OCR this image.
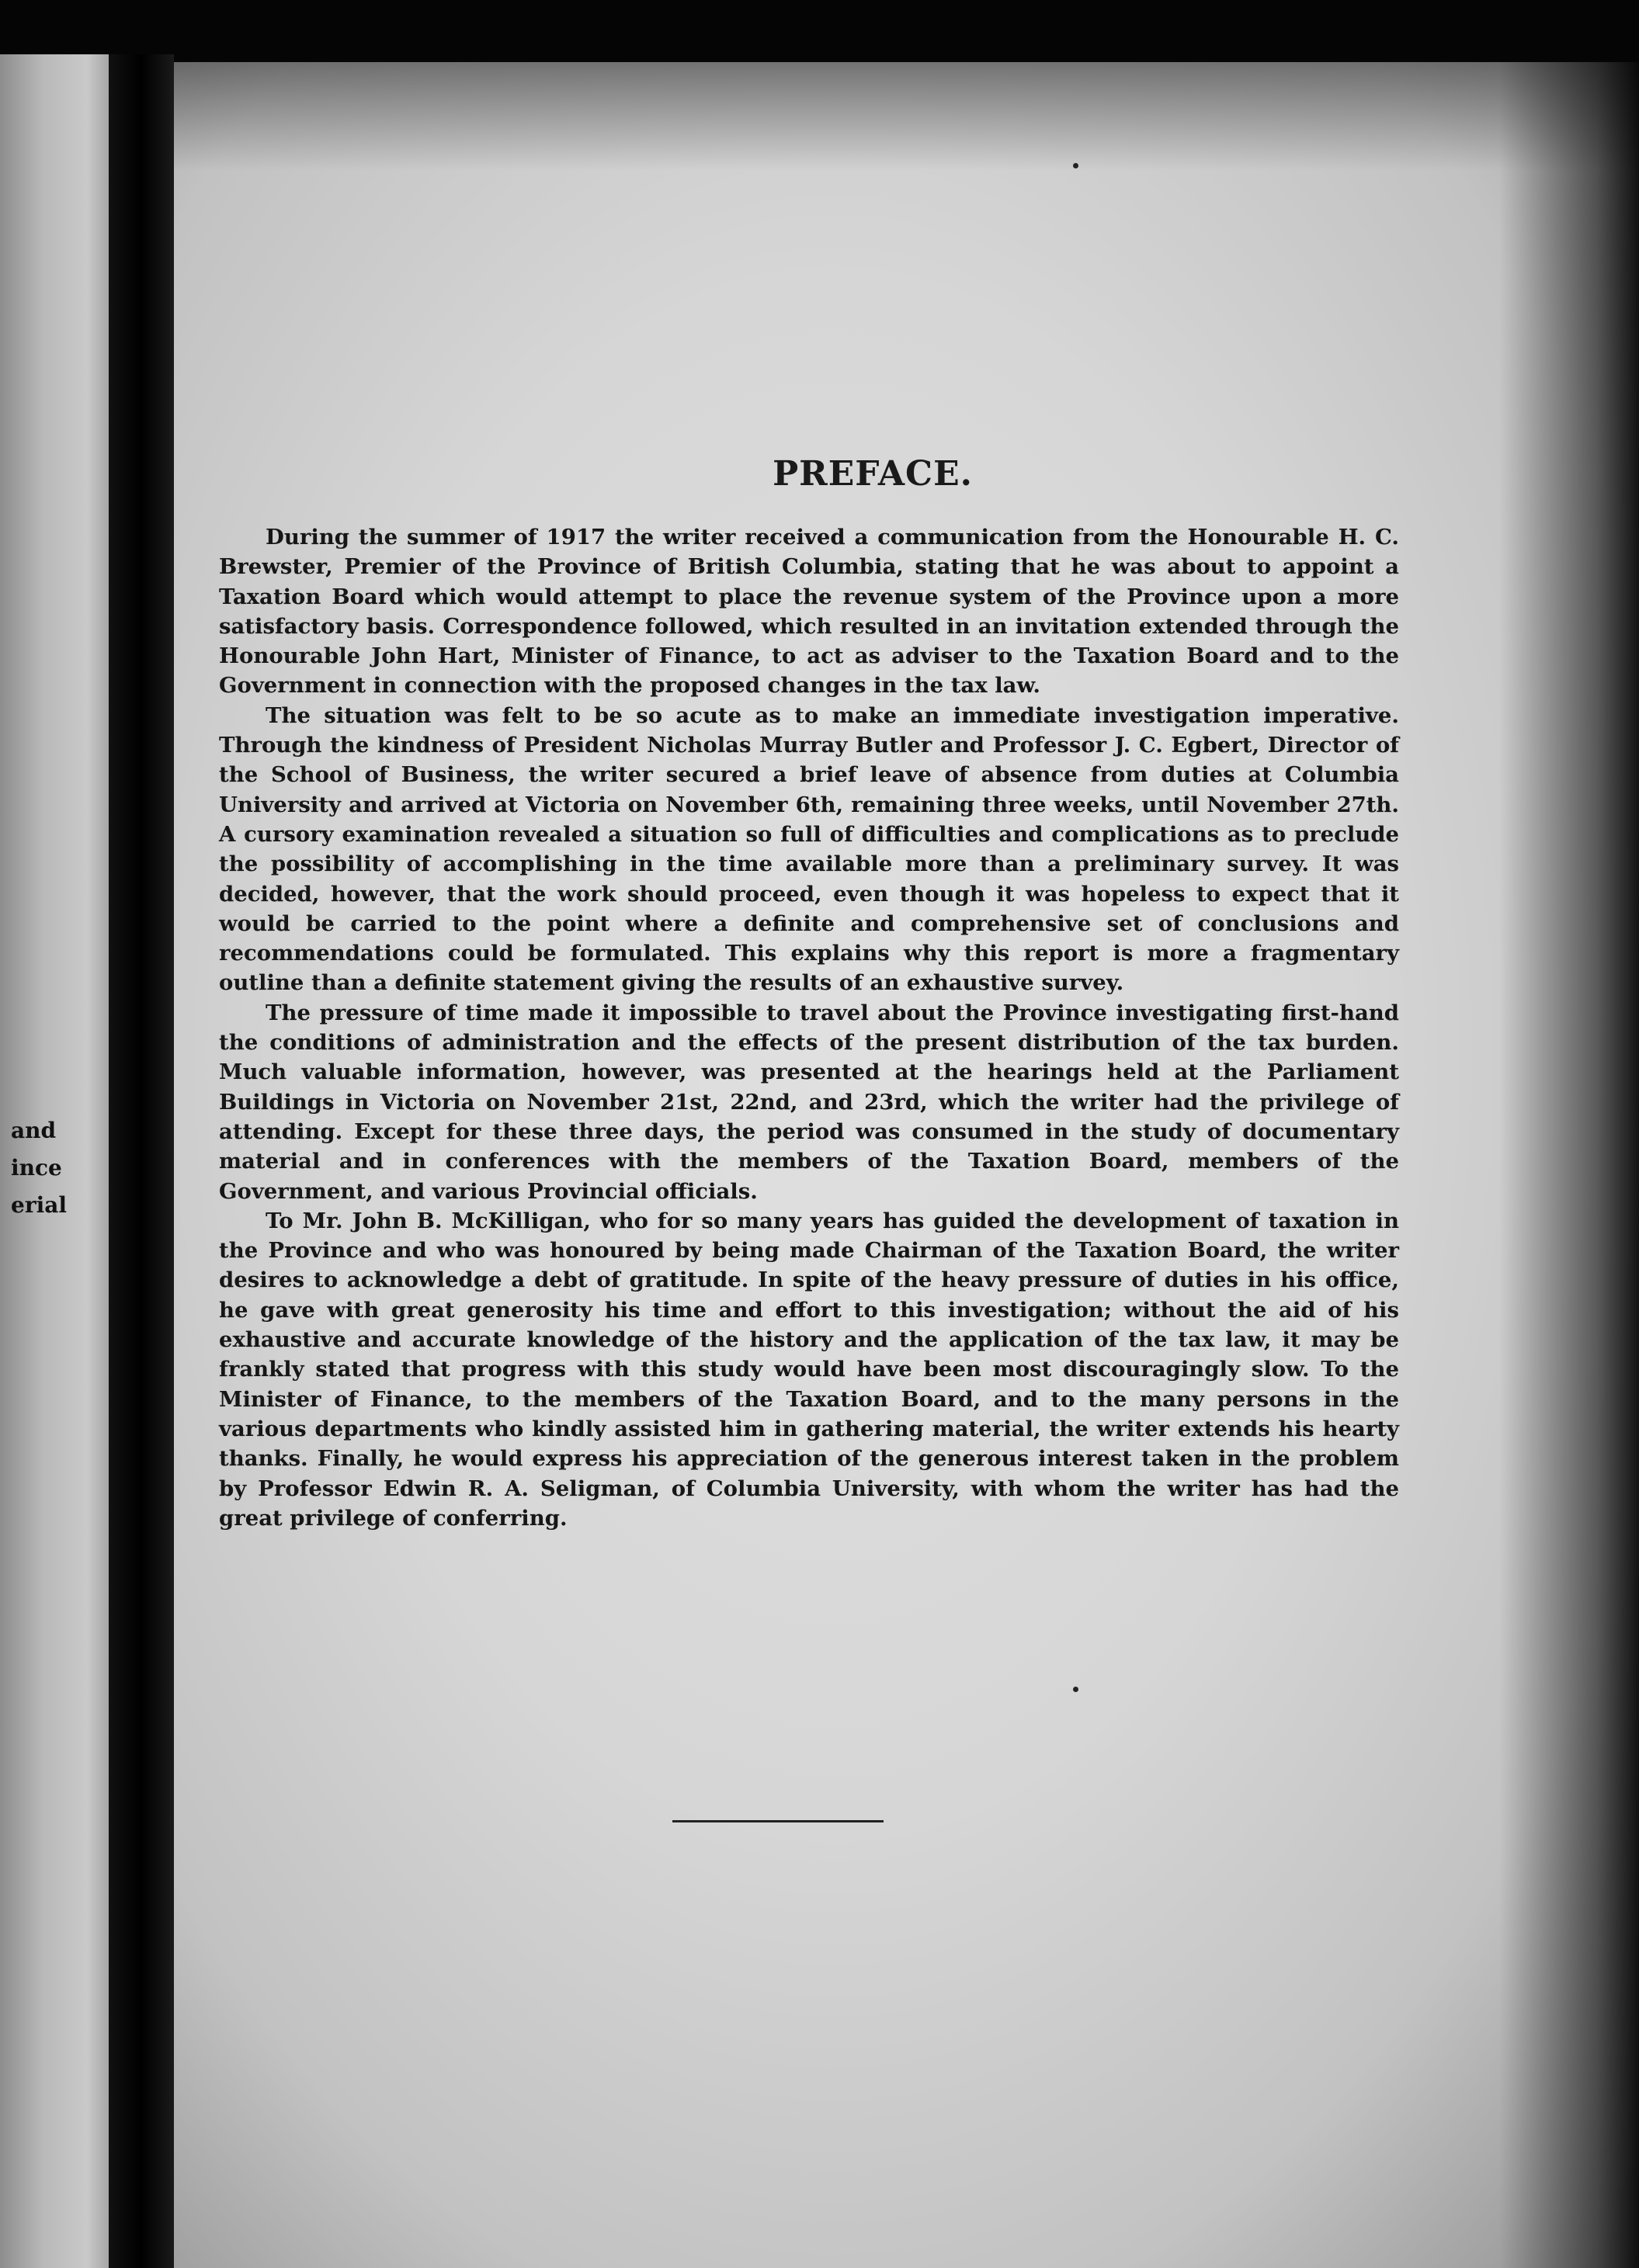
and
ince
erial
PREFACE.

During the summer of 1917 the writer received a communication from the Honourable H. C. Brewster, Premier of the Province of British Columbia, stating that he was about to appoint a Taxation Board which would attempt to place the revenue system of the Province upon a more satisfactory basis. Correspondence followed, which resulted in an invitation extended through the Honourable John Hart, Minister of Finance, to act as adviser to the Taxation Board and to the Government in connection with the proposed changes in the tax law.

The situation was felt to be so acute as to make an immediate investigation imperative. Through the kindness of President Nicholas Murray Butler and Professor J. C. Egbert, Director of the School of Business, the writer secured a brief leave of absence from duties at Columbia University and arrived at Victoria on November 6th, remaining three weeks, until November 27th. A cursory examination revealed a situation so full of difficulties and complications as to preclude the possibility of accomplishing in the time available more than a preliminary survey. It was decided, however, that the work should proceed, even though it was hopeless to expect that it would be carried to the point where a definite and comprehensive set of conclusions and recommendations could be formulated. This explains why this report is more a fragmentary outline than a definite statement giving the results of an exhaustive survey.

The pressure of time made it impossible to travel about the Province investigating first-hand the conditions of administration and the effects of the present distribution of the tax burden. Much valuable information, however, was presented at the hearings held at the Parliament Buildings in Victoria on November 21st, 22nd, and 23rd, which the writer had the privilege of attending. Except for these three days, the period was consumed in the study of documentary material and in conferences with the members of the Taxation Board, members of the Government, and various Provincial officials.

To Mr. John B. McKilligan, who for so many years has guided the development of taxation in the Province and who was honoured by being made Chairman of the Taxation Board, the writer desires to acknowledge a debt of gratitude. In spite of the heavy pressure of duties in his office, he gave with great generosity his time and effort to this investigation; without the aid of his exhaustive and accurate knowledge of the history and the application of the tax law, it may be frankly stated that progress with this study would have been most discouragingly slow. To the Minister of Finance, to the members of the Taxation Board, and to the many persons in the various departments who kindly assisted him in gathering material, the writer extends his hearty thanks. Finally, he would express his appreciation of the generous interest taken in the problem by Professor Edwin R. A. Seligman, of Columbia University, with whom the writer has had the great privilege of conferring.
